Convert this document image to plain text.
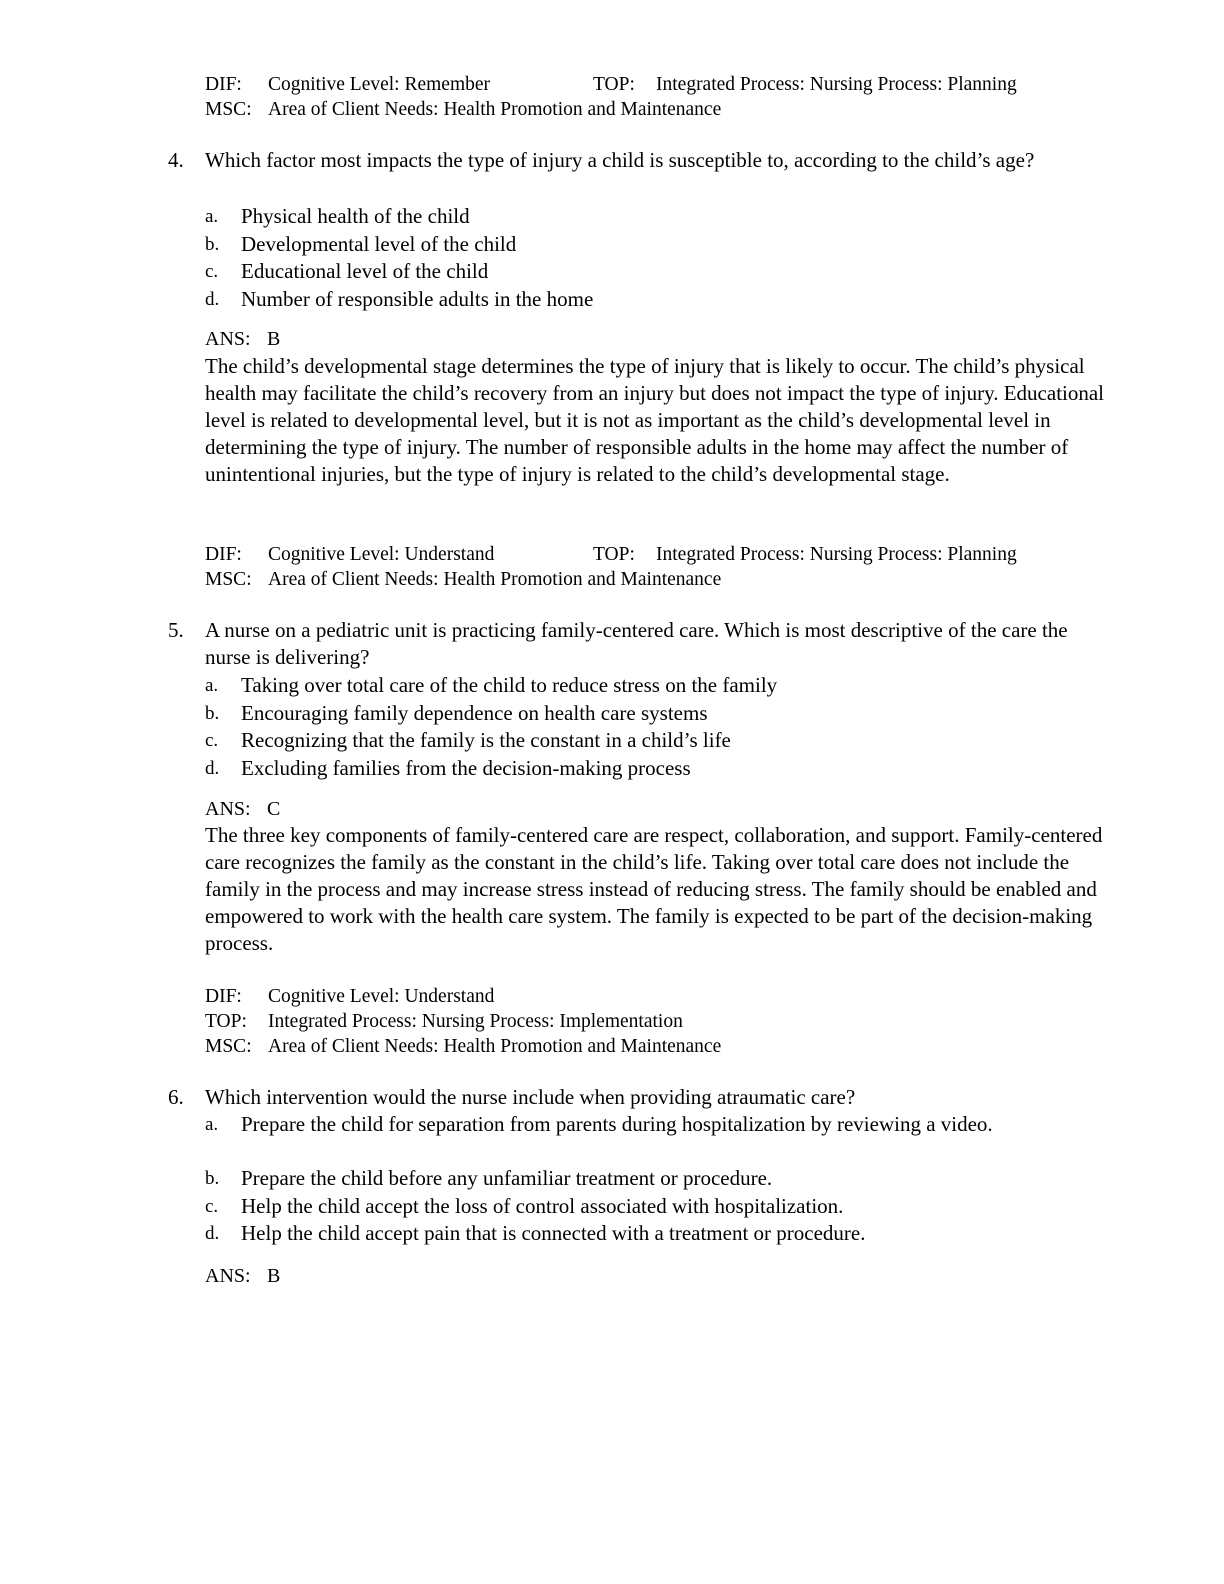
DIF: Cognitive Level: Remember	TOP: Integrated Process: Nursing Process: Planning
MSC: Area of Client Needs: Health Promotion and Maintenance
4. Which factor most impacts the type of injury a child is susceptible to, according to the child’s age?
a. Physical health of the child
b. Developmental level of the child
c. Educational level of the child
d. Number of responsible adults in the home
ANS: B

The child’s developmental stage determines the type of injury that is likely to occur. The child’s physical health may facilitate the child’s recovery from an injury but does not impact the type of injury. Educational level is related to developmental level, but it is not as important as the child’s developmental level in determining the type of injury. The number of responsible adults in the home may affect the number of unintentional injuries, but the type of injury is related to the child’s developmental stage.

DIF: Cognitive Level: Understand	TOP: Integrated Process: Nursing Process: Planning
MSC: Area of Client Needs: Health Promotion and Maintenance
5. A nurse on a pediatric unit is practicing family-centered care. Which is most descriptive of the care the nurse is delivering?
a. Taking over total care of the child to reduce stress on the family
b. Encouraging family dependence on health care systems
c. Recognizing that the family is the constant in a child’s life
d. Excluding families from the decision-making process
ANS: C

The three key components of family-centered care are respect, collaboration, and support. Family-centered care recognizes the family as the constant in the child’s life. Taking over total care does not include the family in the process and may increase stress instead of reducing stress. The family should be enabled and empowered to work with the health care system. The family is expected to be part of the decision-making process.

DIF: Cognitive Level: Understand
TOP: Integrated Process: Nursing Process: Implementation
MSC: Area of Client Needs: Health Promotion and Maintenance
6. Which intervention would the nurse include when providing atraumatic care?
a. Prepare the child for separation from parents during hospitalization by reviewing a video.
b. Prepare the child before any unfamiliar treatment or procedure.
c. Help the child accept the loss of control associated with hospitalization.
d. Help the child accept pain that is connected with a treatment or procedure.
ANS: B
